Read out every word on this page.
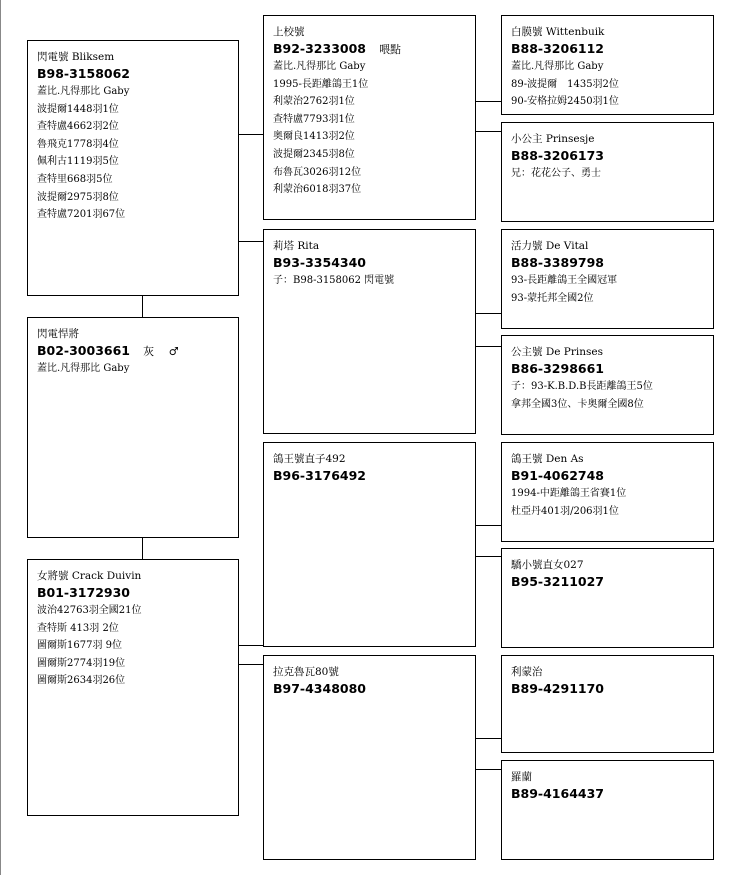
閃電號 Bliksem
B98-3158062
蓋比.凡得那比 Gaby
波提爾1448羽1位
查特盧4662羽2位
魯飛克1778羽4位
佩利古1119羽5位
查特里668羽5位
波提爾2975羽8位
查特盧7201羽67位
閃電悍將
B02-3003661 灰 ♂
蓋比.凡得那比 Gaby
女將號 Crack Duivin
B01-3172930
波治42763羽全國21位
查特斯 413羽 2位
圖爾斯1677羽 9位
圖爾斯2774羽19位
圖爾斯2634羽26位
上校號
B92-3233008 喂點
蓋比.凡得那比 Gaby
1995-長距離鴿王1位
利蒙治2762羽1位
查特盧7793羽1位
奥爾良1413羽2位
波提爾2345羽8位
布魯瓦3026羽12位
利蒙治6018羽37位
莉塔 Rita
B93-3354340
子：B98-3158062 閃電號
鴿王號直子492
B96-3176492
拉克魯瓦80號
B97-4348080
白膜號 Wittenbuik
B88-3206112
蓋比.凡得那比 Gaby
89-波提爾　1435羽2位
90-安格拉姆2450羽1位
小公主 Prinsesje
B88-3206173
兄：花花公子、勇士
活力號 De Vital
B88-3389798
93-長距離鴿王全國冠軍
93-蒙托邦全國2位
公主號 De Prinses
B86-3298661
子：93-K.B.D.B長距離鴿王5位
拿邦全國3位、卡奥爾全國8位
鴿王號 Den As
B91-4062748
1994-中距離鴿王省賽1位
杜亞丹401羽/206羽1位
驕小號直女027
B95-3211027
利蒙治
B89-4291170
羅蘭
B89-4164437
